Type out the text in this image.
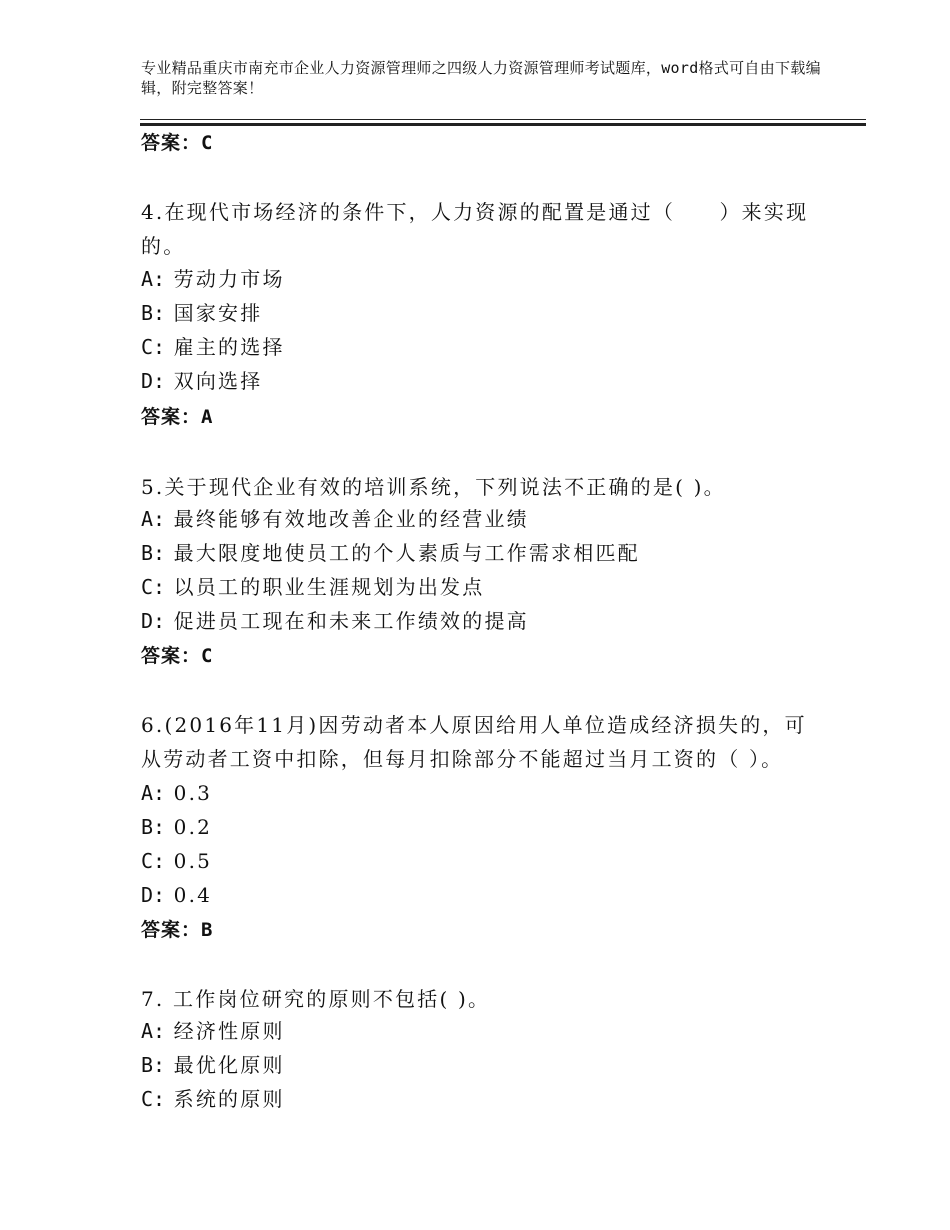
专业精品重庆市南充市企业人力资源管理师之四级人力资源管理师考试题库，word格式可自由下载编辑，附完整答案！
答案：C
4.在现代市场经济的条件下，人力资源的配置是通过（　　）来实现的。
A: 劳动力市场
B: 国家安排
C: 雇主的选择
D: 双向选择
答案：A
5.关于现代企业有效的培训系统，下列说法不正确的是( )。
A: 最终能够有效地改善企业的经营业绩
B: 最大限度地使员工的个人素质与工作需求相匹配
C: 以员工的职业生涯规划为出发点
D: 促进员工现在和未来工作绩效的提高
答案：C
6.(2016年11月)因劳动者本人原因给用人单位造成经济损失的，可从劳动者工资中扣除，但每月扣除部分不能超过当月工资的（ ）。
A: 0.3
B: 0.2
C: 0.5
D: 0.4
答案：B
7. 工作岗位研究的原则不包括( )。
A: 经济性原则
B: 最优化原则
C: 系统的原则
